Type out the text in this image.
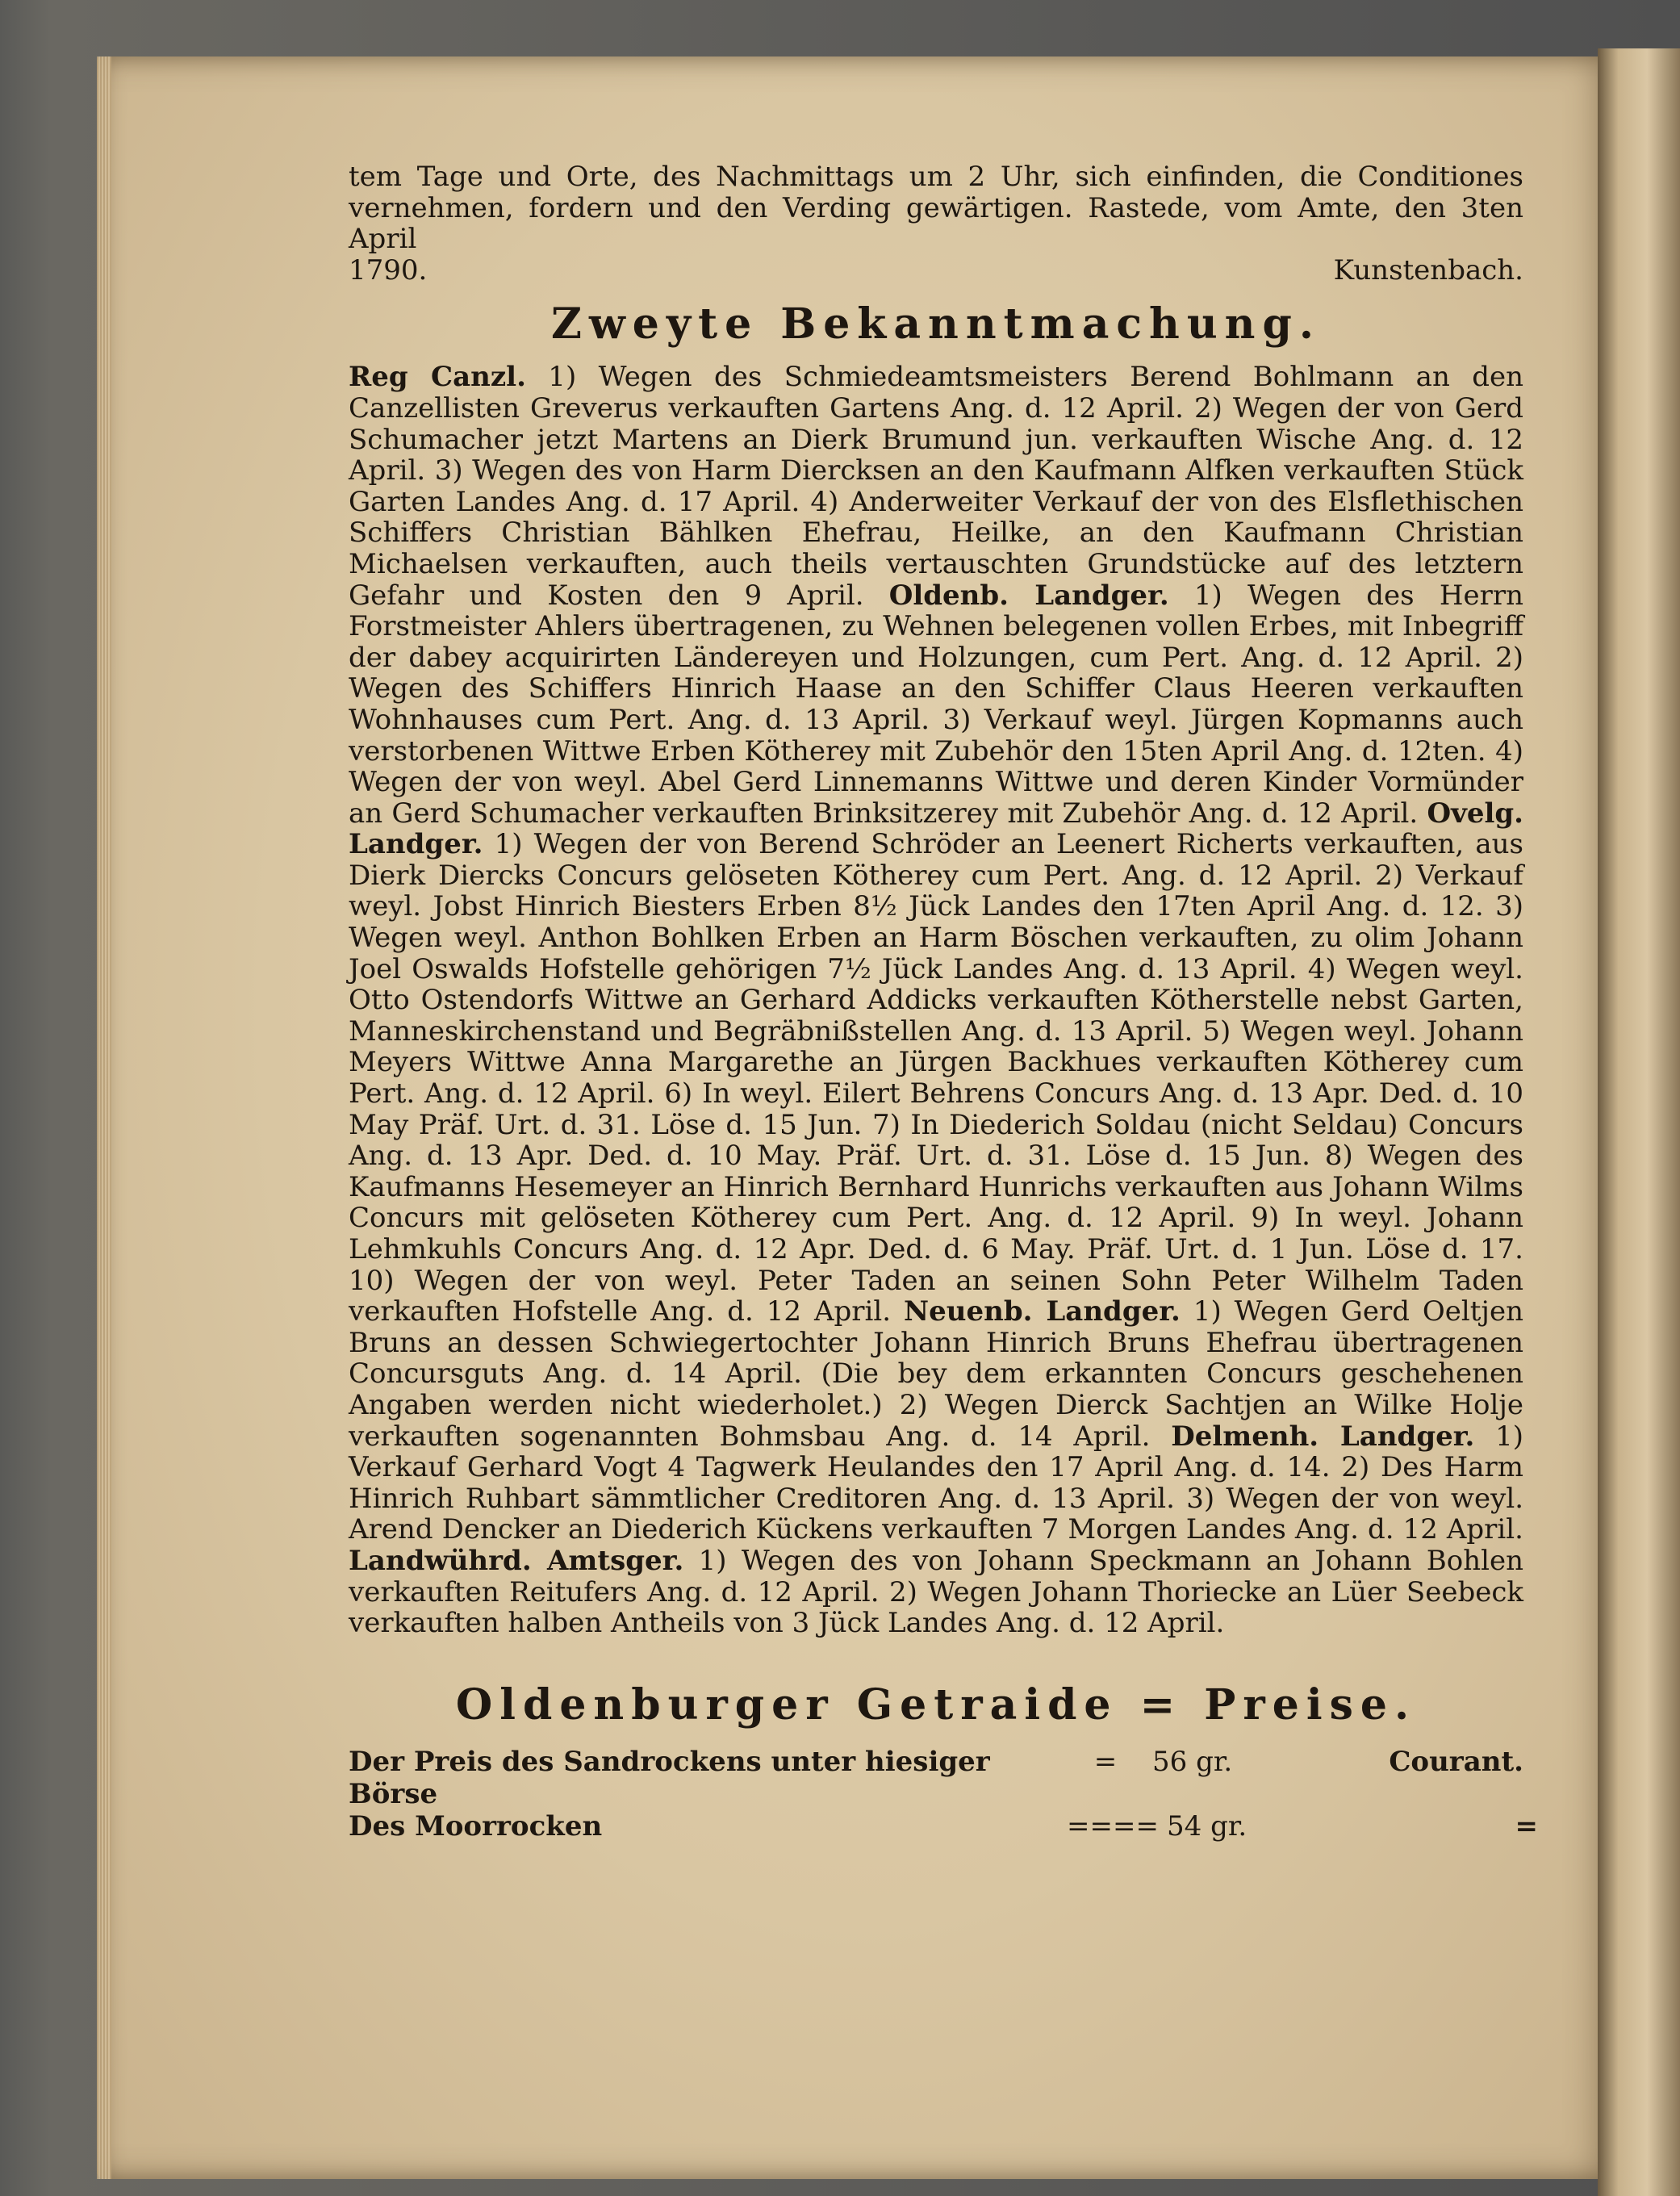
tem Tage und Orte, des Nachmittags um 2 Uhr, sich einfinden, die Conditiones vernehmen, fordern und den Verding gewärtigen. Rastede, vom Amte, den 3ten April

1790.	Kunstenbach.
Zweyte Bekanntmachung.

Reg Canzl. 1) Wegen des Schmiedeamtsmeisters Berend Bohlmann an den Canzellisten Greverus verkauften Gartens Ang. d. 12 April. 2) Wegen der von Gerd Schumacher jetzt Martens an Dierk Brumund jun. verkauften Wische Ang. d. 12 April. 3) Wegen des von Harm Diercksen an den Kaufmann Alfken verkauften Stück Garten Landes Ang. d. 17 April. 4) Anderweiter Verkauf der von des Elsflethischen Schiffers Christian Bählken Ehefrau, Heilke, an den Kaufmann Christian Michaelsen verkauften, auch theils vertauschten Grundstücke auf des letztern Gefahr und Kosten den 9 April. Oldenb. Landger. 1) Wegen des Herrn Forstmeister Ahlers übertragenen, zu Wehnen belegenen vollen Erbes, mit Inbegriff der dabey acquirirten Ländereyen und Holzungen, cum Pert. Ang. d. 12 April. 2) Wegen des Schiffers Hinrich Haase an den Schiffer Claus Heeren verkauften Wohnhauses cum Pert. Ang. d. 13 April. 3) Verkauf weyl. Jürgen Kopmanns auch verstorbenen Wittwe Erben Kötherey mit Zubehör den 15ten April Ang. d. 12ten. 4) Wegen der von weyl. Abel Gerd Linnemanns Wittwe und deren Kinder Vormünder an Gerd Schumacher verkauften Brinksitzerey mit Zubehör Ang. d. 12 April. Ovelg. Landger. 1) Wegen der von Berend Schröder an Leenert Richerts verkauften, aus Dierk Diercks Concurs gelöseten Kötherey cum Pert. Ang. d. 12 April. 2) Verkauf weyl. Jobst Hinrich Biesters Erben 8½ Jück Landes den 17ten April Ang. d. 12. 3) Wegen weyl. Anthon Bohlken Erben an Harm Böschen verkauften, zu olim Johann Joel Oswalds Hofstelle gehörigen 7½ Jück Landes Ang. d. 13 April. 4) Wegen weyl. Otto Ostendorfs Wittwe an Gerhard Addicks verkauften Kötherstelle nebst Garten, Manneskirchenstand und Begräbnißstellen Ang. d. 13 April. 5) Wegen weyl. Johann Meyers Wittwe Anna Margarethe an Jürgen Backhues verkauften Kötherey cum Pert. Ang. d. 12 April. 6) In weyl. Eilert Behrens Concurs Ang. d. 13 Apr. Ded. d. 10 May Präf. Urt. d. 31. Löse d. 15 Jun. 7) In Diederich Soldau (nicht Seldau) Concurs Ang. d. 13 Apr. Ded. d. 10 May. Präf. Urt. d. 31. Löse d. 15 Jun. 8) Wegen des Kaufmanns Hesemeyer an Hinrich Bernhard Hunrichs verkauften aus Johann Wilms Concurs mit gelöseten Kötherey cum Pert. Ang. d. 12 April. 9) In weyl. Johann Lehmkuhls Concurs Ang. d. 12 Apr. Ded. d. 6 May. Präf. Urt. d. 1 Jun. Löse d. 17. 10) Wegen der von weyl. Peter Taden an seinen Sohn Peter Wilhelm Taden verkauften Hofstelle Ang. d. 12 April. Neuenb. Landger. 1) Wegen Gerd Oeltjen Bruns an dessen Schwiegertochter Johann Hinrich Bruns Ehefrau übertragenen Concursguts Ang. d. 14 April. (Die bey dem erkannten Concurs geschehenen Angaben werden nicht wiederholet.) 2) Wegen Dierck Sachtjen an Wilke Holje verkauften sogenannten Bohmsbau Ang. d. 14 April. Delmenh. Landger. 1) Verkauf Gerhard Vogt 4 Tagwerk Heulandes den 17 April Ang. d. 14. 2) Des Harm Hinrich Ruhbart sämmtlicher Creditoren Ang. d. 13 April. 3) Wegen der von weyl. Arend Dencker an Diederich Kückens verkauften 7 Morgen Landes Ang. d. 12 April. Landwührd. Amtsger. 1) Wegen des von Johann Speckmann an Johann Bohlen verkauften Reitufers Ang. d. 12 April. 2) Wegen Johann Thoriecke an Lüer Seebeck verkauften halben Antheils von 3 Jück Landes Ang. d. 12 April.

Oldenburger Getraide = Preise.
Der Preis des Sandrockens unter hiesiger Börse
= 56 gr.	Courant.
Des Moorrocken	= = = = 54 gr.	=
